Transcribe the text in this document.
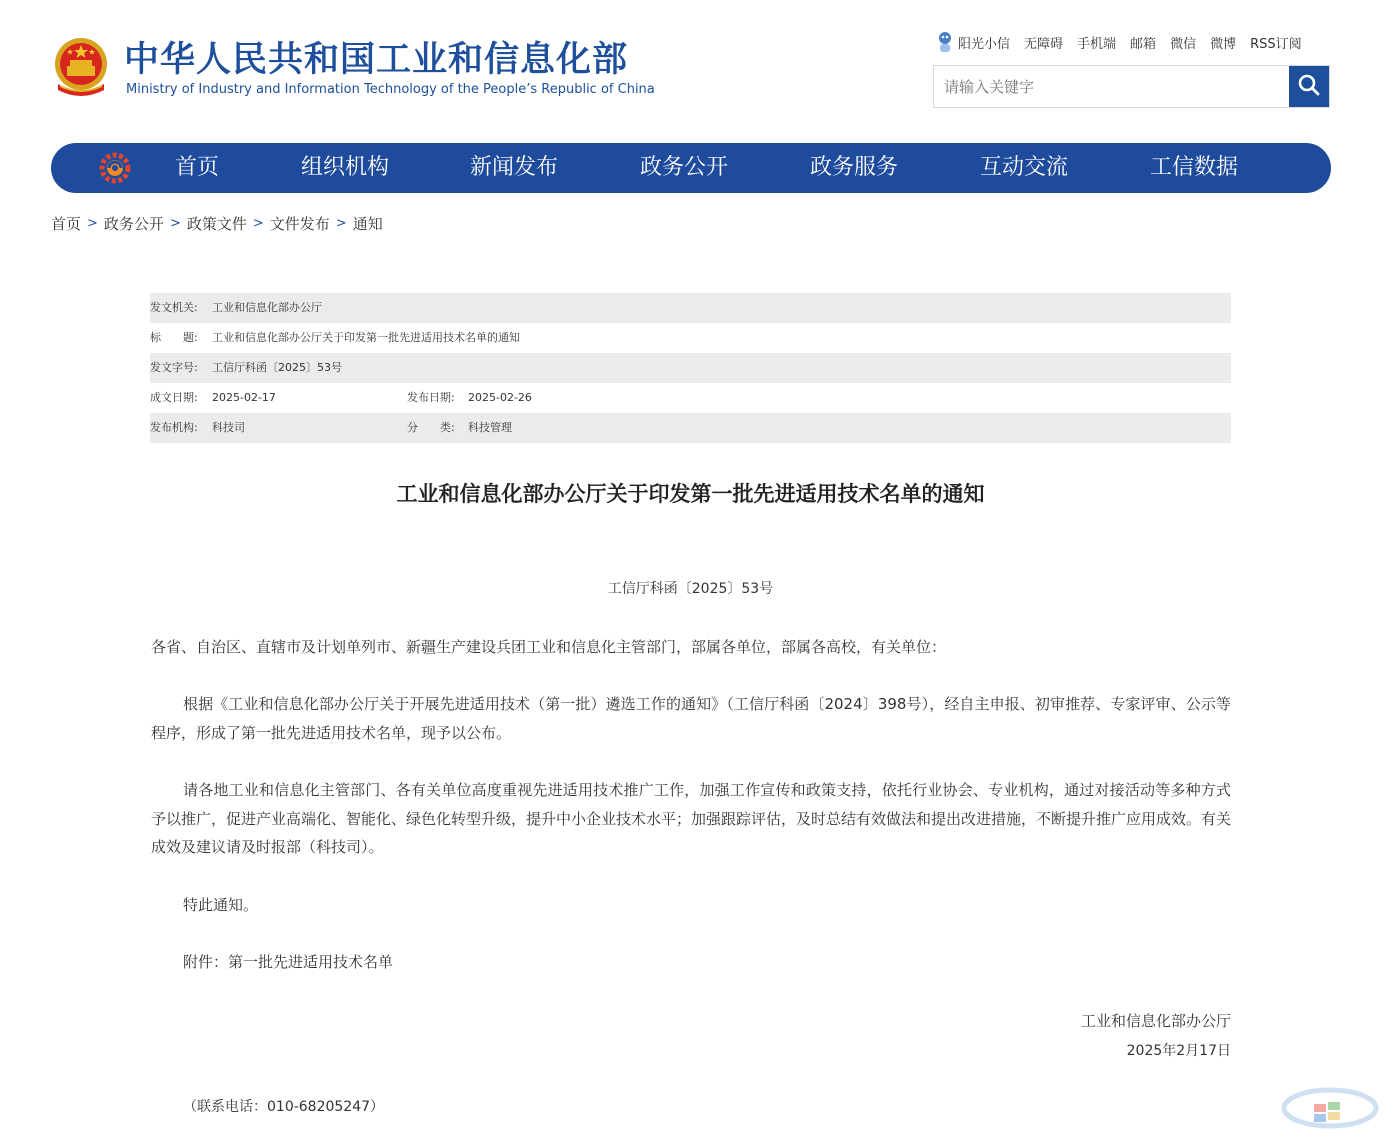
中华人民共和国工业和信息化部
Ministry of Industry and Information Technology of the People’s Republic of China
阳光小信 无障碍 手机端 邮箱 微信 微博 RSS订阅
请输入关键字
首页	组织机构	新闻发布	政务公开	政务服务	互动交流	工信数据
首页 > 政务公开 > 政策文件 > 文件发布 > 通知
发文机关: 工业和信息化部办公厅
标　　题: 工业和信息化部办公厅关于印发第一批先进适用技术名单的通知
发文字号: 工信厅科函〔2025〕53号
成文日期: 2025-02-17	发布日期: 2025-02-26
发布机构: 科技司	分　　类: 科技管理
工业和信息化部办公厅关于印发第一批先进适用技术名单的通知
工信厅科函〔2025〕53号
各省、自治区、直辖市及计划单列市、新疆生产建设兵团工业和信息化主管部门，部属各单位，部属各高校，有关单位：
根据《工业和信息化部办公厅关于开展先进适用技术（第一批）遴选工作的通知》（工信厅科函〔2024〕398号），经自主申报、初审推荐、专家评审、公示等程序，形成了第一批先进适用技术名单，现予以公布。
请各地工业和信息化主管部门、各有关单位高度重视先进适用技术推广工作，加强工作宣传和政策支持，依托行业协会、专业机构，通过对接活动等多种方式予以推广，促进产业高端化、智能化、绿色化转型升级，提升中小企业技术水平；加强跟踪评估，及时总结有效做法和提出改进措施，不断提升推广应用成效。有关成效及建议请及时报部（科技司）。
特此通知。
附件：第一批先进适用技术名单
工业和信息化部办公厅
2025年2月17日
（联系电话：010-68205247）
